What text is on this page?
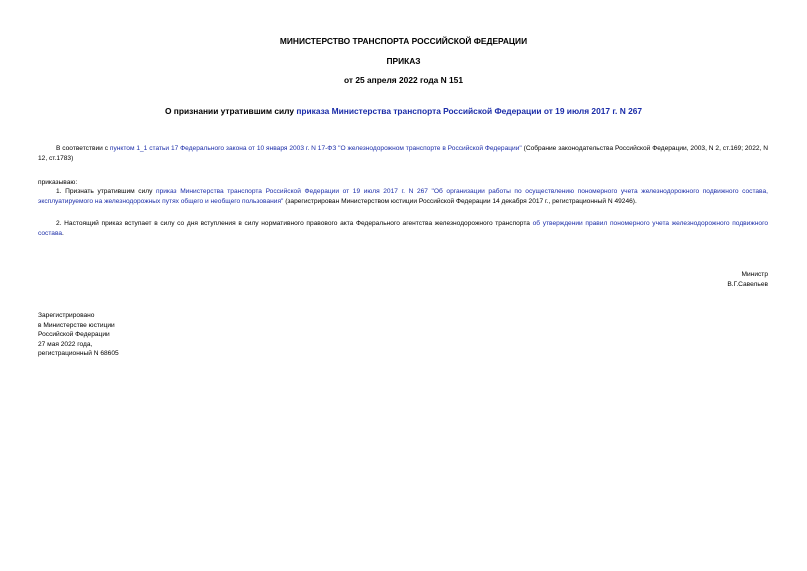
МИНИСТЕРСТВО ТРАНСПОРТА РОССИЙСКОЙ ФЕДЕРАЦИИ
ПРИКАЗ
от 25 апреля 2022 года N 151
О признании утратившим силу приказа Министерства транспорта Российской Федерации от 19 июля 2017 г. N 267
В соответствии с пунктом 1_1 статьи 17 Федерального закона от 10 января 2003 г. N 17-ФЗ "О железнодорожном транспорте в Российской Федерации" (Собрание законодательства Российской Федерации, 2003, N 2, ст.169; 2022, N 12, ст.1783)
приказываю:
1. Признать утратившим силу приказ Министерства транспорта Российской Федерации от 19 июля 2017 г. N 267 "Об организации работы по осуществлению пономерного учета железнодорожного подвижного состава, эксплуатируемого на железнодорожных путях общего и необщего пользования" (зарегистрирован Министерством юстиции Российской Федерации 14 декабря 2017 г., регистрационный N 49246).
2. Настоящий приказ вступает в силу со дня вступления в силу нормативного правового акта Федерального агентства железнодорожного транспорта об утверждении правил пономерного учета железнодорожного подвижного состава.
Министр
В.Г.Савельев
Зарегистрировано
в Министерстве юстиции
Российской Федерации
27 мая 2022 года,
регистрационный N 68605
